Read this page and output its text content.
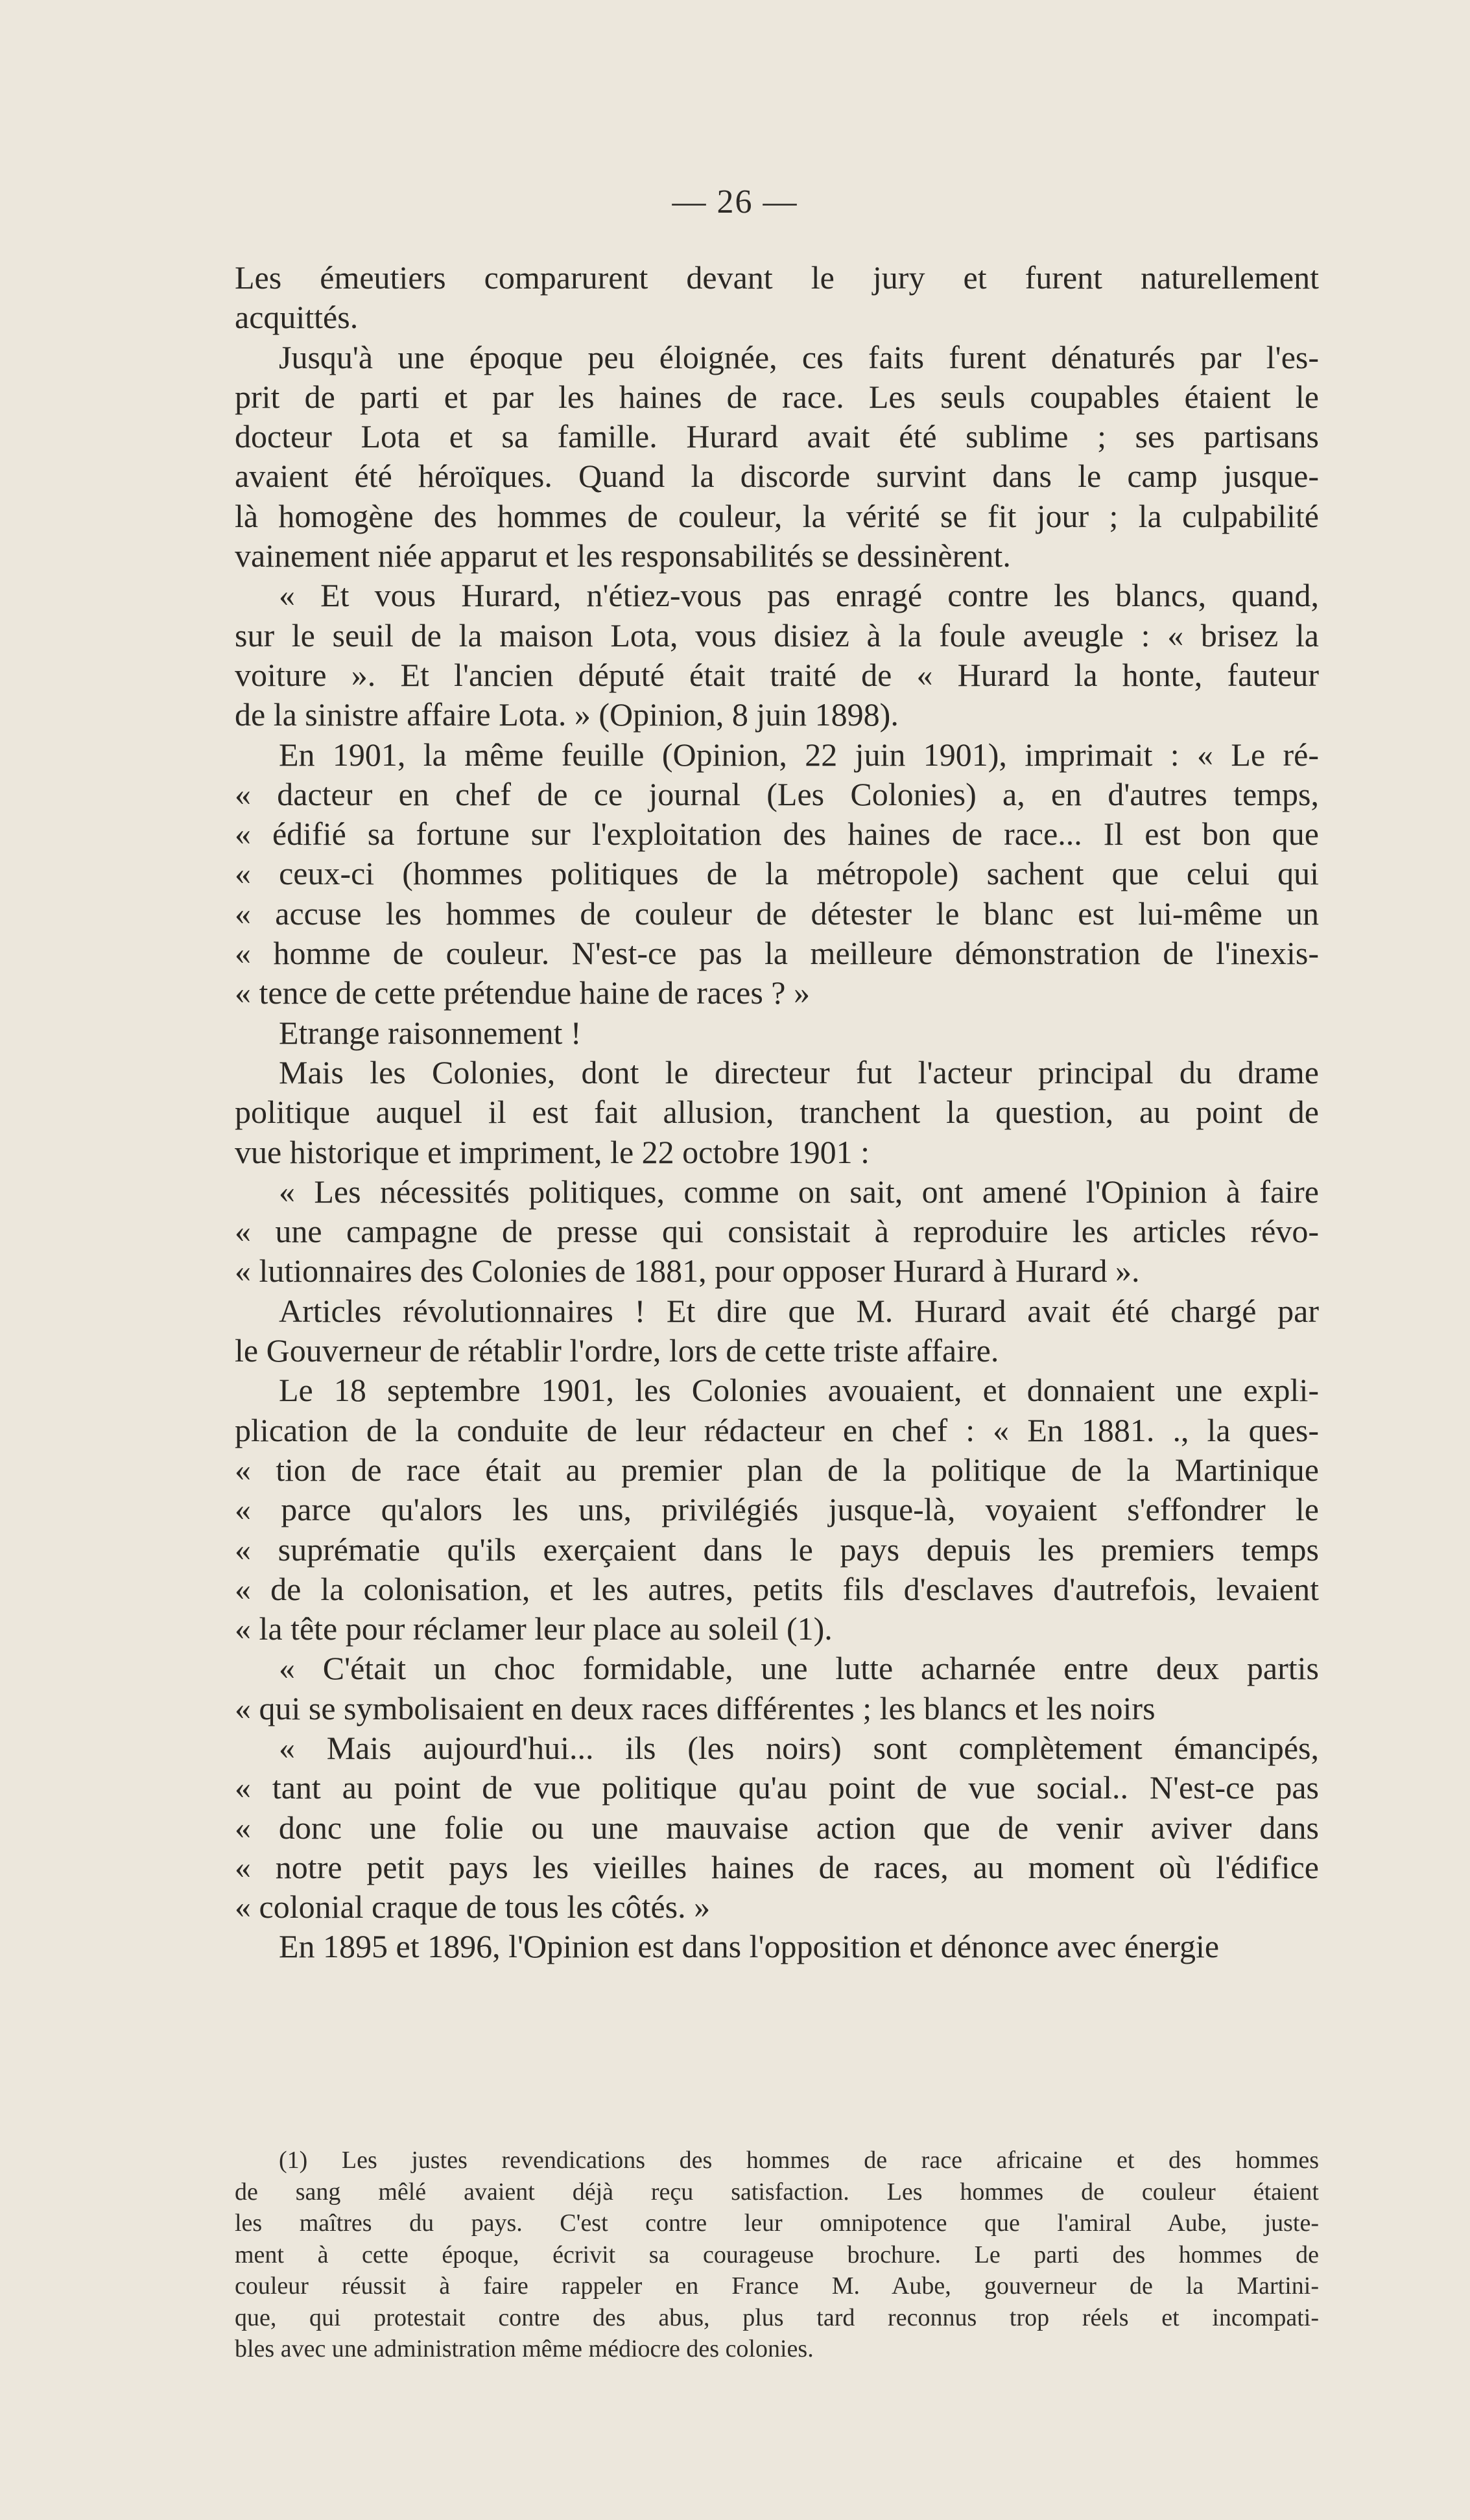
— 26 —
Les émeutiers comparurent devant le jury et furent naturellement
acquittés.
Jusqu'à une époque peu éloignée, ces faits furent dénaturés par l'es-
prit de parti et par les haines de race. Les seuls coupables étaient le
docteur Lota et sa famille. Hurard avait été sublime ; ses partisans
avaient été héroïques. Quand la discorde survint dans le camp jusque-
là homogène des hommes de couleur, la vérité se fit jour ; la culpabilité
vainement niée apparut et les responsabilités se dessinèrent.
« Et vous Hurard, n'étiez-vous pas enragé contre les blancs, quand,
sur le seuil de la maison Lota, vous disiez à la foule aveugle : « brisez la
voiture ». Et l'ancien député était traité de « Hurard la honte, fauteur
de la sinistre affaire Lota. » (Opinion, 8 juin 1898).
En 1901, la même feuille (Opinion, 22 juin 1901), imprimait : « Le ré-
« dacteur en chef de ce journal (Les Colonies) a, en d'autres temps,
« édifié sa fortune sur l'exploitation des haines de race... Il est bon que
« ceux-ci (hommes politiques de la métropole) sachent que celui qui
« accuse les hommes de couleur de détester le blanc est lui-même un
« homme de couleur. N'est-ce pas la meilleure démonstration de l'inexis-
« tence de cette prétendue haine de races ? »
Etrange raisonnement !
Mais les Colonies, dont le directeur fut l'acteur principal du drame
politique auquel il est fait allusion, tranchent la question, au point de
vue historique et impriment, le 22 octobre 1901 :
« Les nécessités politiques, comme on sait, ont amené l'Opinion à faire
« une campagne de presse qui consistait à reproduire les articles révo-
« lutionnaires des Colonies de 1881, pour opposer Hurard à Hurard ».
Articles révolutionnaires ! Et dire que M. Hurard avait été chargé par
le Gouverneur de rétablir l'ordre, lors de cette triste affaire.
Le 18 septembre 1901, les Colonies avouaient, et donnaient une expli-
plication de la conduite de leur rédacteur en chef : « En 1881. ., la ques-
« tion de race était au premier plan de la politique de la Martinique
« parce qu'alors les uns, privilégiés jusque-là, voyaient s'effondrer le
« suprématie qu'ils exerçaient dans le pays depuis les premiers temps
« de la colonisation, et les autres, petits fils d'esclaves d'autrefois, levaient
« la tête pour réclamer leur place au soleil (1).
« C'était un choc formidable, une lutte acharnée entre deux partis
« qui se symbolisaient en deux races différentes ; les blancs et les noirs
« Mais aujourd'hui... ils (les noirs) sont complètement émancipés,
« tant au point de vue politique qu'au point de vue social.. N'est-ce pas
« donc une folie ou une mauvaise action que de venir aviver dans
« notre petit pays les vieilles haines de races, au moment où l'édifice
« colonial craque de tous les côtés. »
En 1895 et 1896, l'Opinion est dans l'opposition et dénonce avec énergie
(1) Les justes revendications des hommes de race africaine et des hommes
de sang mêlé avaient déjà reçu satisfaction. Les hommes de couleur étaient
les maîtres du pays. C'est contre leur omnipotence que l'amiral Aube, juste-
ment à cette époque, écrivit sa courageuse brochure. Le parti des hommes de
couleur réussit à faire rappeler en France M. Aube, gouverneur de la Martini-
que, qui protestait contre des abus, plus tard reconnus trop réels et incompati-
bles avec une administration même médiocre des colonies.
